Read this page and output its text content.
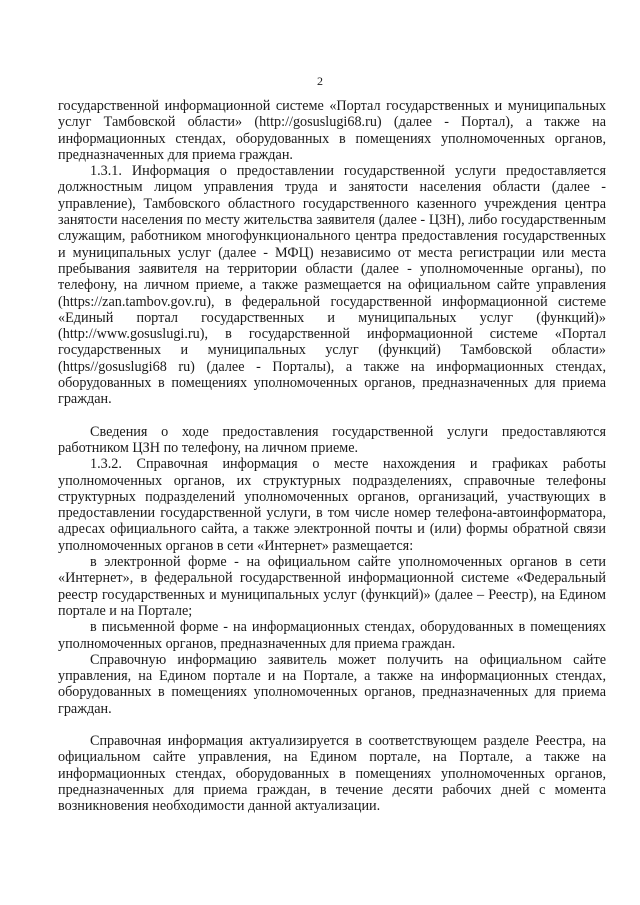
2

государственной информационной системе «Портал государственных и муниципальных услуг Тамбовской области» (http://gosuslugi68.ru) (далее - Портал), а также на информационных стендах, оборудованных в помещениях уполномоченных органов, предназначенных для приема граждан.

1.3.1. Информация о предоставлении государственной услуги предоставляется должностным лицом управления труда и занятости населения области (далее - управление), Тамбовского областного государственного казенного учреждения центра занятости населения по месту жительства заявителя (далее - ЦЗН), либо государственным служащим, работником многофункционального центра предоставления государственных и муниципальных услуг (далее - МФЦ) независимо от места регистрации или места пребывания заявителя на территории области (далее - уполномоченные органы), по телефону, на личном приеме, а также размещается на официальном сайте управления (https://zan.tambov.gov.ru), в федеральной государственной информационной системе «Единый портал государственных и муниципальных услуг (функций)» (http://www.gosuslugi.ru), в государственной информационной системе «Портал государственных и муниципальных услуг (функций) Тамбовской области» (https//gosuslugi68 ru) (далее - Порталы), а также на информационных стендах, оборудованных в помещениях уполномоченных органов, предназначенных для приема граждан.

Сведения о ходе предоставления государственной услуги предоставляются работником ЦЗН по телефону, на личном приеме.

1.3.2. Справочная информация о месте нахождения и графиках работы уполномоченных органов, их структурных подразделениях, справочные телефоны структурных подразделений уполномоченных органов, организаций, участвующих в предоставлении государственной услуги, в том числе номер телефона-автоинформатора, адресах официального сайта, а также электронной почты и (или) формы обратной связи уполномоченных органов в сети «Интернет» размещается:

в электронной форме - на официальном сайте уполномоченных органов в сети «Интернет», в федеральной государственной информационной системе «Федеральный реестр государственных и муниципальных услуг (функций)» (далее – Реестр), на Едином портале и на Портале;

в письменной форме - на информационных стендах, оборудованных в помещениях уполномоченных органов, предназначенных для приема граждан.

Справочную информацию заявитель может получить на официальном сайте управления, на Едином портале и на Портале, а также на информационных стендах, оборудованных в помещениях уполномоченных органов, предназначенных для приема граждан.

Справочная информация актуализируется в соответствующем разделе Реестра, на официальном сайте управления, на Едином портале, на Портале, а также на информационных стендах, оборудованных в помещениях уполномоченных органов, предназначенных для приема граждан, в течение десяти рабочих дней с момента возникновения необходимости данной актуализации.
